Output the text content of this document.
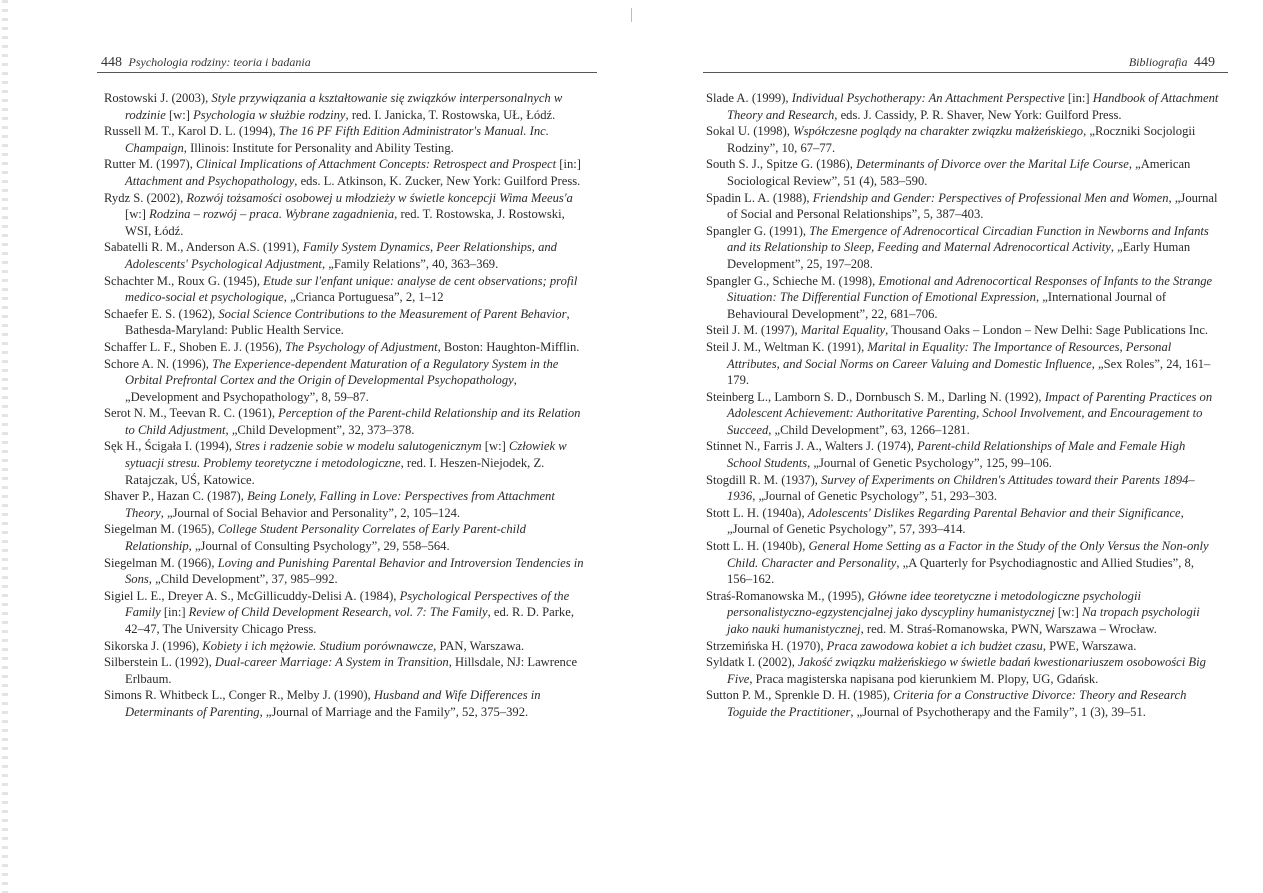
448 Psychologia rodziny: teoria i badania
Rostowski J. (2003), Style przywiązania a kształtowanie się związków interpersonalnych w rodzinie [w:] Psychologia w służbie rodziny, red. I. Janicka, T. Rostowska, UŁ, Łódź.
Russell M. T., Karol D. L. (1994), The 16 PF Fifth Edition Administrator's Manual. Inc. Champaign, Illinois: Institute for Personality and Ability Testing.
Rutter M. (1997), Clinical Implications of Attachment Concepts: Retrospect and Prospect [in:] Attachment and Psychopathology, eds. L. Atkinson, K. Zucker, New York: Guilford Press.
Rydz S. (2002), Rozwój tożsamości osobowej u młodzieży w świetle koncepcji Wima Meeus'a [w:] Rodzina – rozwój – praca. Wybrane zagadnienia, red. T. Rostowska, J. Rostowski, WSI, Łódź.
Sabatelli R. M., Anderson A.S. (1991), Family System Dynamics, Peer Relationships, and Adolescents' Psychological Adjustment, „Family Relations”, 40, 363–369.
Schachter M., Roux G. (1945), Etude sur l'enfant unique: analyse de cent observations; profil medico-social et psychologique, „Crianca Portuguesa”, 2, 1–12
Schaefer E. S. (1962), Social Science Contributions to the Measurement of Parent Behavior, Bathesda-Maryland: Public Health Service.
Schaffer L. F., Shoben E. J. (1956), The Psychology of Adjustment, Boston: Haughton-Mifflin.
Schore A. N. (1996), The Experience-dependent Maturation of a Regulatory System in the Orbital Prefrontal Cortex and the Origin of Developmental Psychopathology, „Development and Psychopathology”, 8, 59–87.
Serot N. M., Teevan R. C. (1961), Perception of the Parent-child Relationship and its Relation to Child Adjustment, „Child Development”, 32, 373–378.
Sęk H., Ścigała I. (1994), Stres i radzenie sobie w modelu salutogenicznym [w:] Człowiek w sytuacji stresu. Problemy teoretyczne i metodologiczne, red. I. Heszen-Niejodek, Z. Ratajczak, UŚ, Katowice.
Shaver P., Hazan C. (1987), Being Lonely, Falling in Love: Perspectives from Attachment Theory, „Journal of Social Behavior and Personality”, 2, 105–124.
Siegelman M. (1965), College Student Personality Correlates of Early Parent-child Relationship, „Journal of Consulting Psychology”, 29, 558–564.
Siegelman M. (1966), Loving and Punishing Parental Behavior and Introversion Tendencies in Sons, „Child Development”, 37, 985–992.
Sigiel L. E., Dreyer A. S., McGillicuddy-Delisi A. (1984), Psychological Perspectives of the Family [in:] Review of Child Development Research, vol. 7: The Family, ed. R. D. Parke, 42–47, The University Chicago Press.
Sikorska J. (1996), Kobiety i ich mężowie. Studium porównawcze, PAN, Warszawa.
Silberstein L. (1992), Dual-career Marriage: A System in Transition, Hillsdale, NJ: Lawrence Erlbaum.
Simons R. Whitbeck L., Conger R., Melby J. (1990), Husband and Wife Differences in Determinants of Parenting, „Journal of Marriage and the Family”, 52, 375–392.
Bibliografia 449
Slade A. (1999), Individual Psychotherapy: An Attachment Perspective [in:] Handbook of Attachment Theory and Research, eds. J. Cassidy, P. R. Shaver, New York: Guilford Press.
Sokal U. (1998), Współczesne poglądy na charakter związku małżeńskiego, „Roczniki Socjologii Rodziny”, 10, 67–77.
South S. J., Spitze G. (1986), Determinants of Divorce over the Marital Life Course, „American Sociological Review”, 51 (4), 583–590.
Spadin L. A. (1988), Friendship and Gender: Perspectives of Professional Men and Women, „Journal of Social and Personal Relationships”, 5, 387–403.
Spangler G. (1991), The Emergence of Adrenocortical Circadian Function in Newborns and Infants and its Relationship to Sleep, Feeding and Maternal Adrenocortical Activity, „Early Human Development”, 25, 197–208.
Spangler G., Schieche M. (1998), Emotional and Adrenocortical Responses of Infants to the Strange Situation: The Differential Function of Emotional Expression, „International Journal of Behavioural Development”, 22, 681–706.
Steil J. M. (1997), Marital Equality, Thousand Oaks – London – New Delhi: Sage Publications Inc.
Steil J. M., Weltman K. (1991), Marital in Equality: The Importance of Resources, Personal Attributes, and Social Norms on Career Valuing and Domestic Influence, „Sex Roles”, 24, 161–179.
Steinberg L., Lamborn S. D., Dornbusch S. M., Darling N. (1992), Impact of Parenting Practices on Adolescent Achievement: Authoritative Parenting, School Involvement, and Encouragement to Succeed, „Child Development”, 63, 1266–1281.
Stinnet N., Farris J. A., Walters J. (1974), Parent-child Relationships of Male and Female High School Students, „Journal of Genetic Psychology”, 125, 99–106.
Stogdill R. M. (1937), Survey of Experiments on Children's Attitudes toward their Parents 1894–1936, „Journal of Genetic Psychology”, 51, 293–303.
Stott L. H. (1940a), Adolescents' Dislikes Regarding Parental Behavior and their Significance, „Journal of Genetic Psychology”, 57, 393–414.
Stott L. H. (1940b), General Home Setting as a Factor in the Study of the Only Versus the Non-only Child. Character and Personality, „A Quarterly for Psychodiagnostic and Allied Studies”, 8, 156–162.
Straś-Romanowska M., (1995), Główne idee teoretyczne i metodologiczne psychologii personalistyczno-egzystencjalnej jako dyscypliny humanistycznej [w:] Na tropach psychologii jako nauki humanistycznej, red. M. Straś-Romanowska, PWN, Warszawa – Wrocław.
Strzemińska H. (1970), Praca zawodowa kobiet a ich budżet czasu, PWE, Warszawa.
Syldatk I. (2002), Jakość związku małżeńskiego w świetle badań kwestionariuszem osobowości Big Five, Praca magisterska napisana pod kierunkiem M. Plopy, UG, Gdańsk.
Sutton P. M., Sprenkle D. H. (1985), Criteria for a Constructive Divorce: Theory and Research Toguide the Practitioner, „Journal of Psychotherapy and the Family”, 1 (3), 39–51.
